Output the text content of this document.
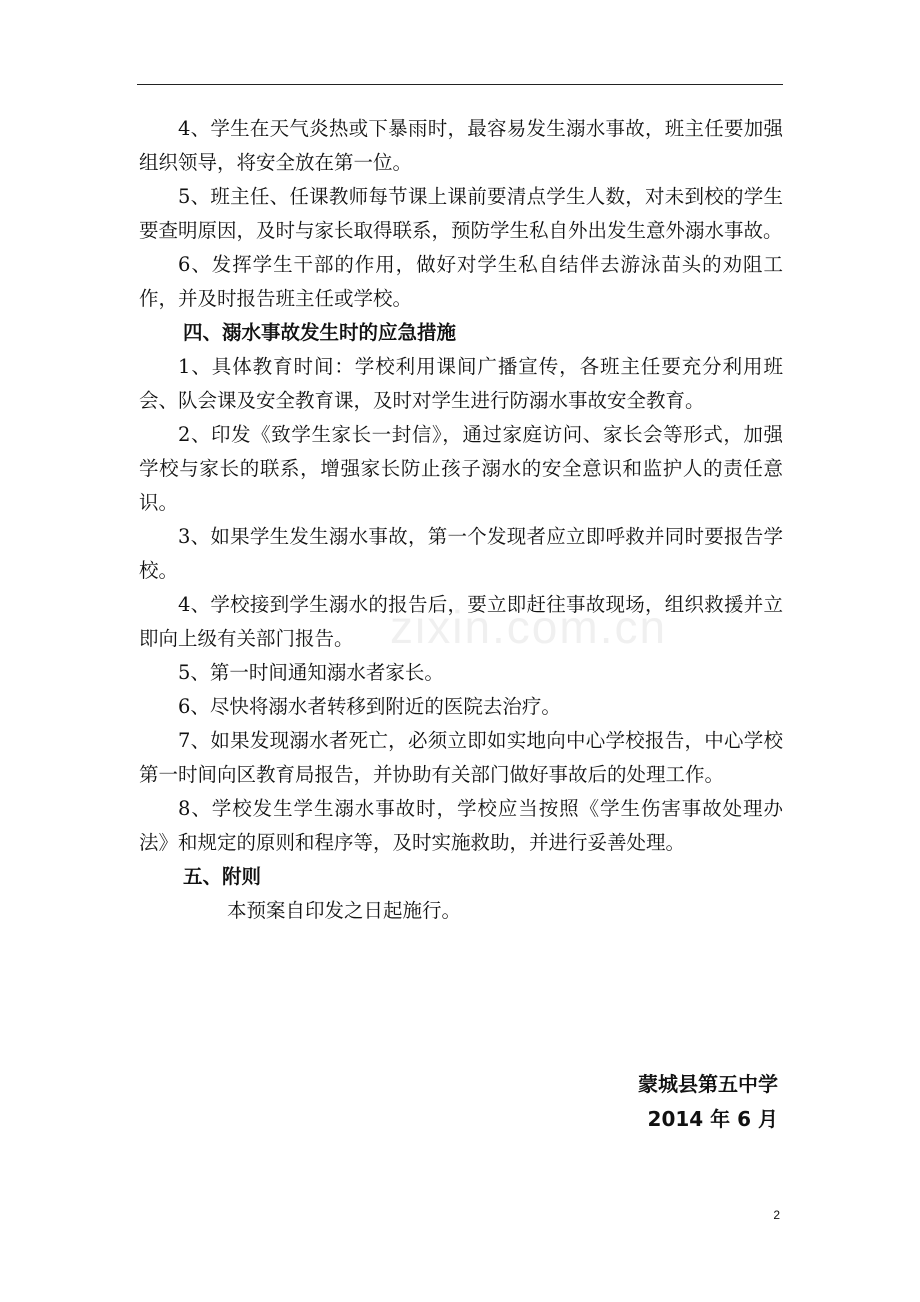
zixin.com.cn

4、学生在天气炎热或下暴雨时，最容易发生溺水事故，班主任要加强组织领导，将安全放在第一位。

5、班主任、任课教师每节课上课前要清点学生人数，对未到校的学生要查明原因，及时与家长取得联系，预防学生私自外出发生意外溺水事故。

6、发挥学生干部的作用，做好对学生私自结伴去游泳苗头的劝阻工作，并及时报告班主任或学校。

四、溺水事故发生时的应急措施

1、具体教育时间：学校利用课间广播宣传，各班主任要充分利用班会、队会课及安全教育课，及时对学生进行防溺水事故安全教育。

2、印发《致学生家长一封信》，通过家庭访问、家长会等形式，加强学校与家长的联系，增强家长防止孩子溺水的安全意识和监护人的责任意识。

3、如果学生发生溺水事故，第一个发现者应立即呼救并同时要报告学校。

4、学校接到学生溺水的报告后，要立即赶往事故现场，组织救援并立即向上级有关部门报告。

5、第一时间通知溺水者家长。

6、尽快将溺水者转移到附近的医院去治疗。

7、如果发现溺水者死亡，必须立即如实地向中心学校报告，中心学校第一时间向区教育局报告，并协助有关部门做好事故后的处理工作。

8、学校发生学生溺水事故时，学校应当按照《学生伤害事故处理办法》和规定的原则和程序等，及时实施救助，并进行妥善处理。

五、附则

本预案自印发之日起施行。

蒙城县第五中学
2014 年 6 月
2
